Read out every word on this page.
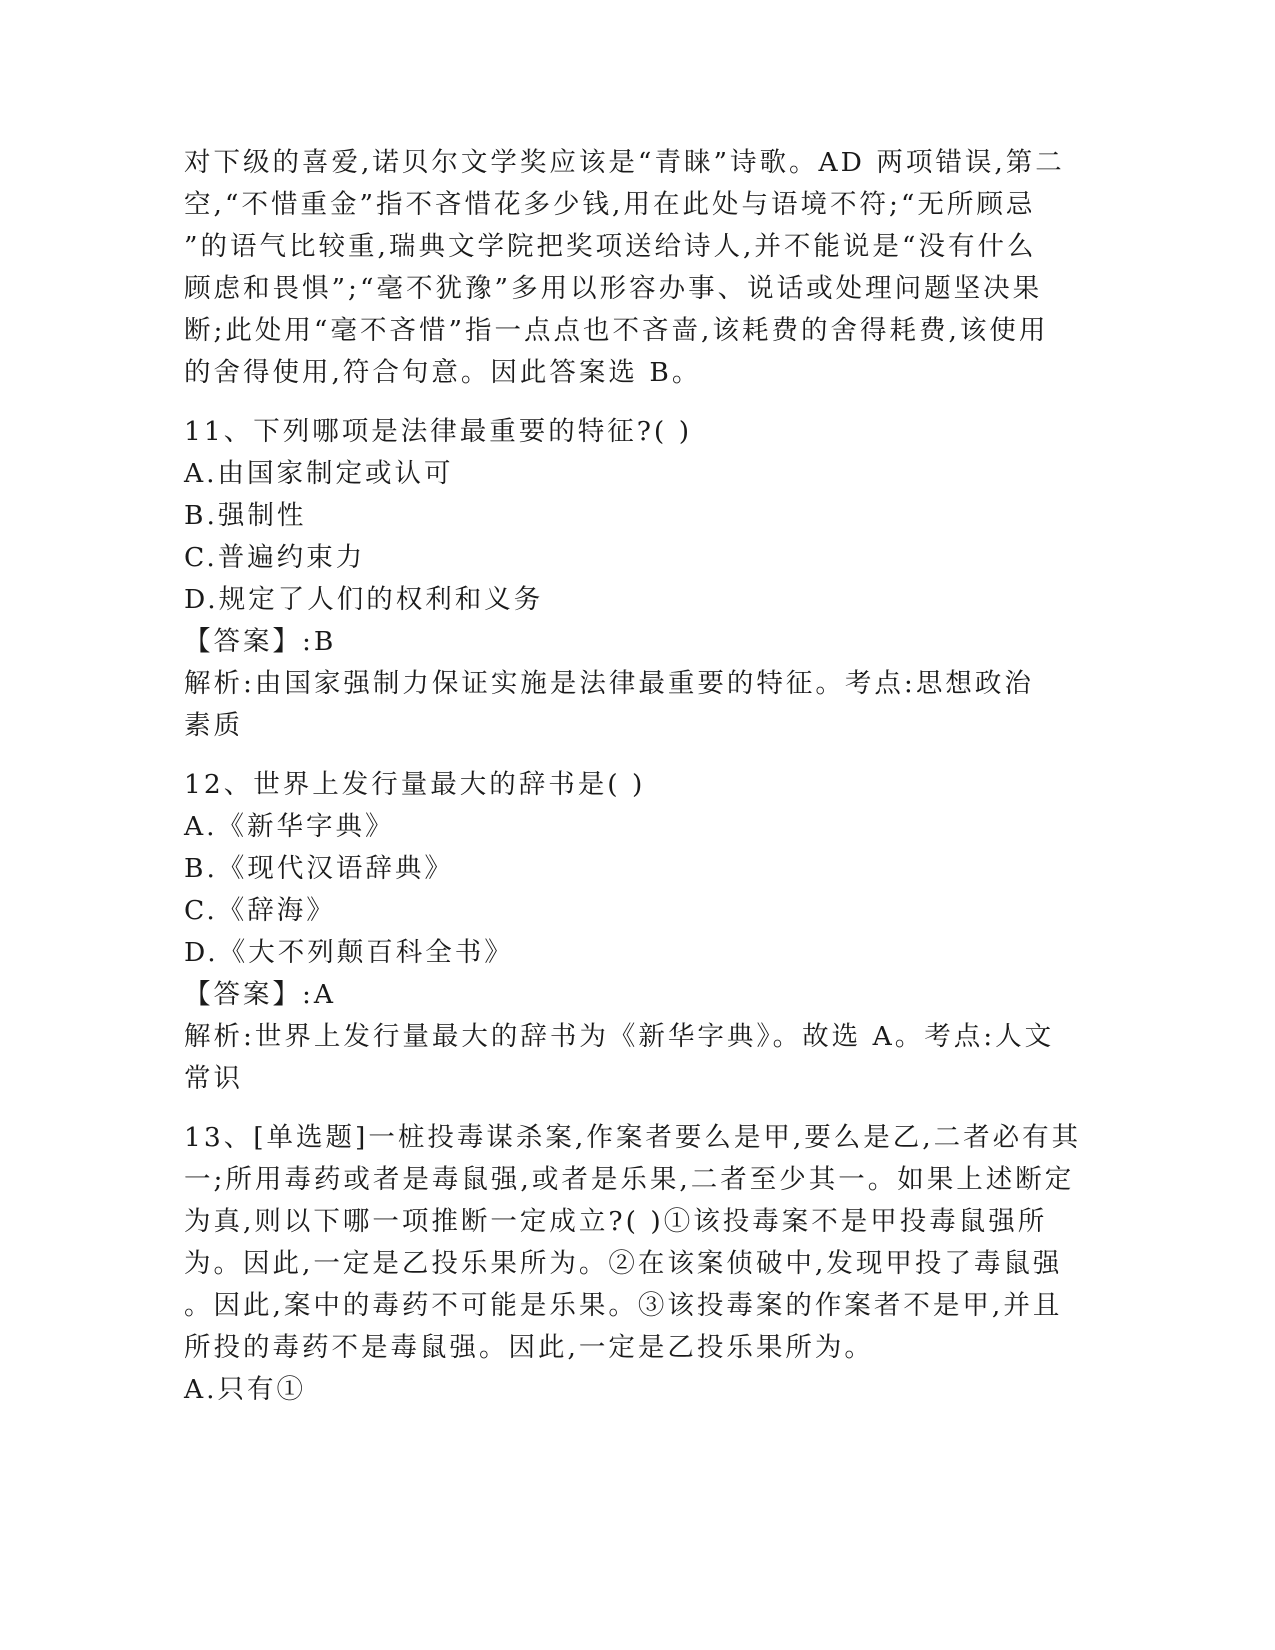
对下级的喜爱,诺贝尔文学奖应该是“青睐”诗歌。AD 两项错误,第二
空,“不惜重金”指不吝惜花多少钱,用在此处与语境不符;“无所顾忌
”的语气比较重,瑞典文学院把奖项送给诗人,并不能说是“没有什么
顾虑和畏惧”;“毫不犹豫”多用以形容办事、说话或处理问题坚决果
断;此处用“毫不吝惜”指一点点也不吝啬,该耗费的舍得耗费,该使用
的舍得使用,符合句意。因此答案选 B。
11、下列哪项是法律最重要的特征?( )
A.由国家制定或认可
B.强制性
C.普遍约束力
D.规定了人们的权利和义务
【答案】:B
解析:由国家强制力保证实施是法律最重要的特征。考点:思想政治
素质
12、世界上发行量最大的辞书是( )
A.《新华字典》
B.《现代汉语辞典》
C.《辞海》
D.《大不列颠百科全书》
【答案】:A
解析:世界上发行量最大的辞书为《新华字典》。故选 A。考点:人文
常识
13、[单选题]一桩投毒谋杀案,作案者要么是甲,要么是乙,二者必有其
一;所用毒药或者是毒鼠强,或者是乐果,二者至少其一。如果上述断定
为真,则以下哪一项推断一定成立?( )①该投毒案不是甲投毒鼠强所
为。因此,一定是乙投乐果所为。②在该案侦破中,发现甲投了毒鼠强
。因此,案中的毒药不可能是乐果。③该投毒案的作案者不是甲,并且
所投的毒药不是毒鼠强。因此,一定是乙投乐果所为。
A.只有①
